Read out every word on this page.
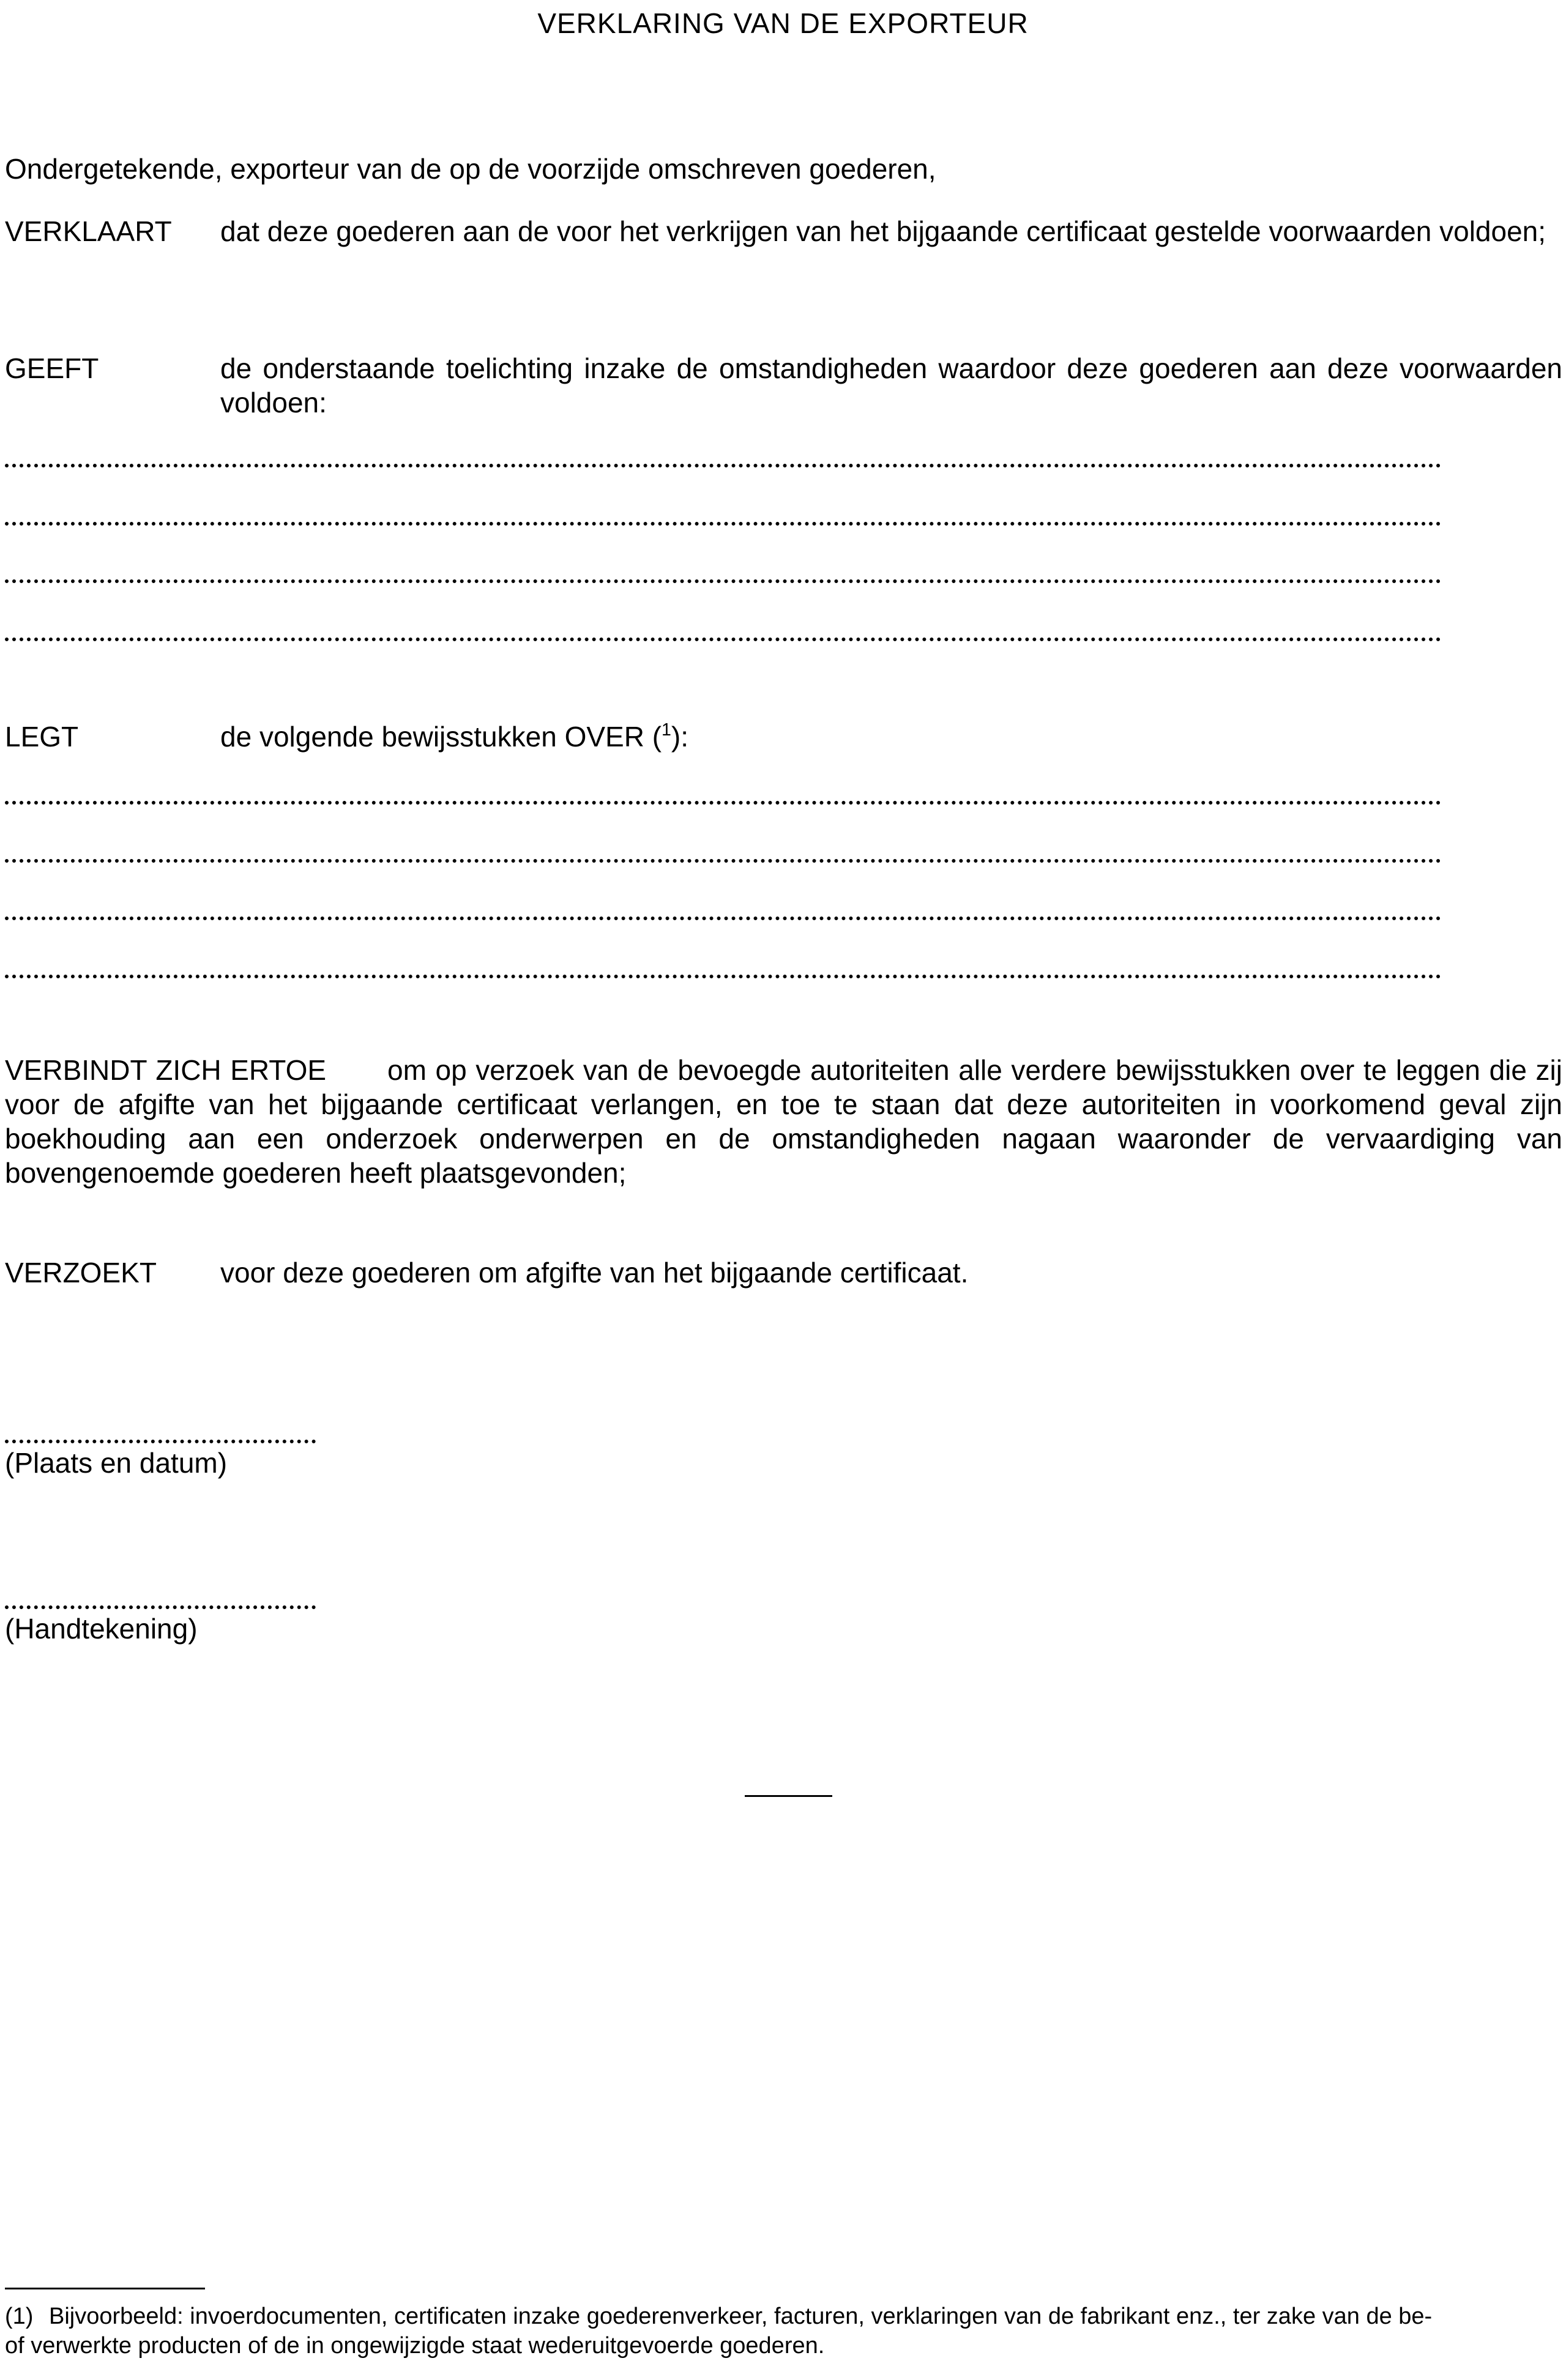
VERKLARING VAN DE EXPORTEUR
Ondergetekende, exporteur van de op de voorzijde omschreven goederen,
VERKLAART dat deze goederen aan de voor het verkrijgen van het bijgaande certificaat gestelde voorwaarden voldoen;
GEEFT	de onderstaande toelichting inzake de omstandigheden waardoor deze goederen aan deze voorwaarden voldoen:
LEGT	de volgende bewijsstukken OVER ($^1$):
VERBINDT ZICH ERTOE om op verzoek van de bevoegde autoriteiten alle verdere bewijsstukken over te leggen die zij voor de afgifte van het bijgaande certificaat verlangen, en toe te staan dat deze autoriteiten in voorkomend geval zijn boekhouding aan een onderzoek onderwerpen en de omstandigheden nagaan waaronder de vervaardiging van bovengenoemde goederen heeft plaatsgevonden;
VERZOEKT voor deze goederen om afgifte van het bijgaande certificaat.
(Plaats en datum)
(Handtekening)
(1) Bijvoorbeeld: invoerdocumenten, certificaten inzake goederenverkeer, facturen, verklaringen van de fabrikant enz., ter zake van de be-
of verwerkte producten of de in ongewijzigde staat wederuitgevoerde goederen.
